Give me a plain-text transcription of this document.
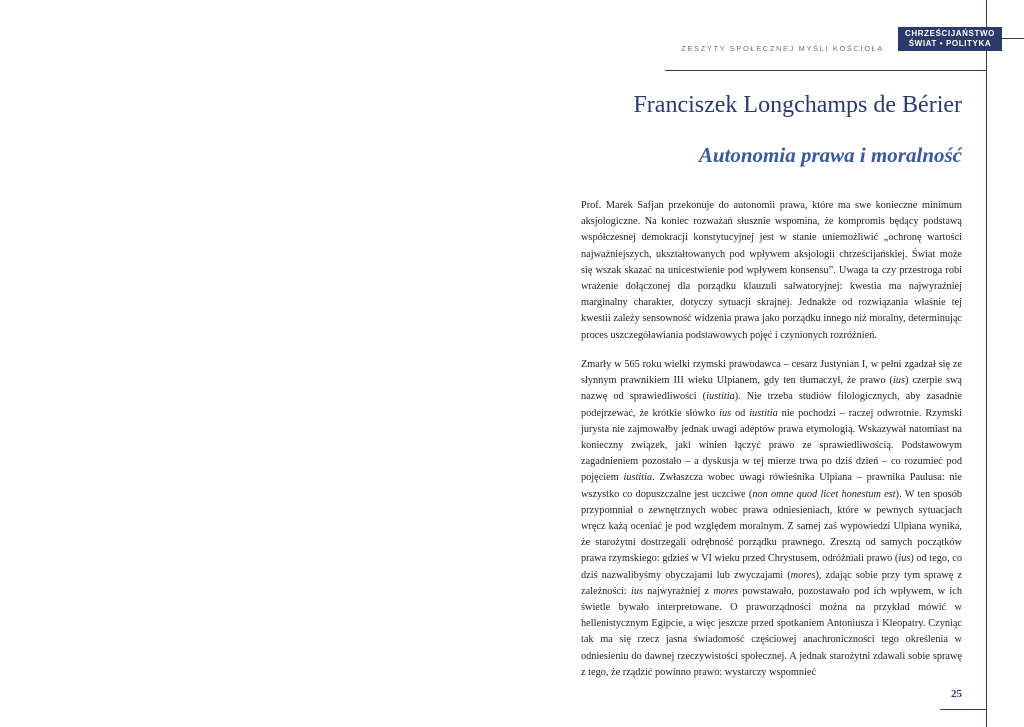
ZESZYTY SPOŁECZNEJ MYŚLI KOŚCIOŁA
CHRZEŚCIJAŃSTWO
ŚWIAT • POLITYKA
Franciszek Longchamps de Bérier
Autonomia prawa i moralność
Prof. Marek Safjan przekonuje do autonomii prawa, które ma swe konieczne minimum aksjologiczne. Na koniec rozważań słusznie wspomina, że kompromis będący podstawą współczesnej demokracji konstytucyjnej jest w stanie uniemożliwić „ochronę wartości najważniejszych, ukształtowanych pod wpływem aksjologii chrześcijańskiej. Świat może się wszak skazać na unicestwienie pod wpływem konsensu”. Uwaga ta czy przestroga robi wrażenie dołączonej dla porządku klauzuli salwatoryjnej: kwestia ma najwyraźniej marginalny charakter, dotyczy sytuacji skrajnej. Jednakże od rozwiązania właśnie tej kwestii zależy sensowność widzenia prawa jako porządku innego niż moralny, determinując proces uszczegóławiania podstawowych pojęć i czynionych rozróżnień.

Zmarły w 565 roku wielki rzymski prawodawca – cesarz Justynian I, w pełni zgadzał się ze słynnym prawnikiem III wieku Ulpianem, gdy ten tłumaczył, że prawo (ius) czerpie swą nazwę od sprawiedliwości (iustitia). Nie trzeba studiów filologicznych, aby zasadnie podejrzewać, że krótkie słówko ius od iustitia nie pochodzi – raczej odwrotnie. Rzymski jurysta nie zajmowałby jednak uwagi adeptów prawa etymologią. Wskazywał natomiast na konieczny związek, jaki winien łączyć prawo ze sprawiedliwością. Podstawowym zagadnieniem pozostało – a dyskusja w tej mierze trwa po dziś dzień – co rozumieć pod pojęciem iustitia. Zwłaszcza wobec uwagi rówieśnika Ulpiana – prawnika Paulusa: nie wszystko co dopuszczalne jest uczciwe (non omne quod licet honestum est). W ten sposób przypomniał o zewnętrznych wobec prawa odniesieniach, które w pewnych sytuacjach wręcz każą oceniać je pod względem moralnym. Z samej zaś wypowiedzi Ulpiana wynika, że starożytni dostrzegali odrębność porządku prawnego. Zresztą od samych początków prawa rzymskiego: gdzieś w VI wieku przed Chrystusem, odróżniali prawo (ius) od tego, co dziś nazwalibyśmy obyczajami lub zwyczajami (mores), zdając sobie przy tym sprawę z zależności: ius najwyraźniej z mores powstawało, pozostawało pod ich wpływem, w ich świetle bywało interpretowane. O praworządności można na przykład mówić w hellenistycznym Egipcie, a więc jeszcze przed spotkaniem Antoniusza i Kleopatry. Czyniąc tak ma się rzecz jasna świadomość częściowej anachroniczności tego określenia w odniesieniu do dawnej rzeczywistości społecznej. A jednak starożytni zdawali sobie sprawę z tego, że rządzić powinno prawo: wystarczy wspomnieć

25
